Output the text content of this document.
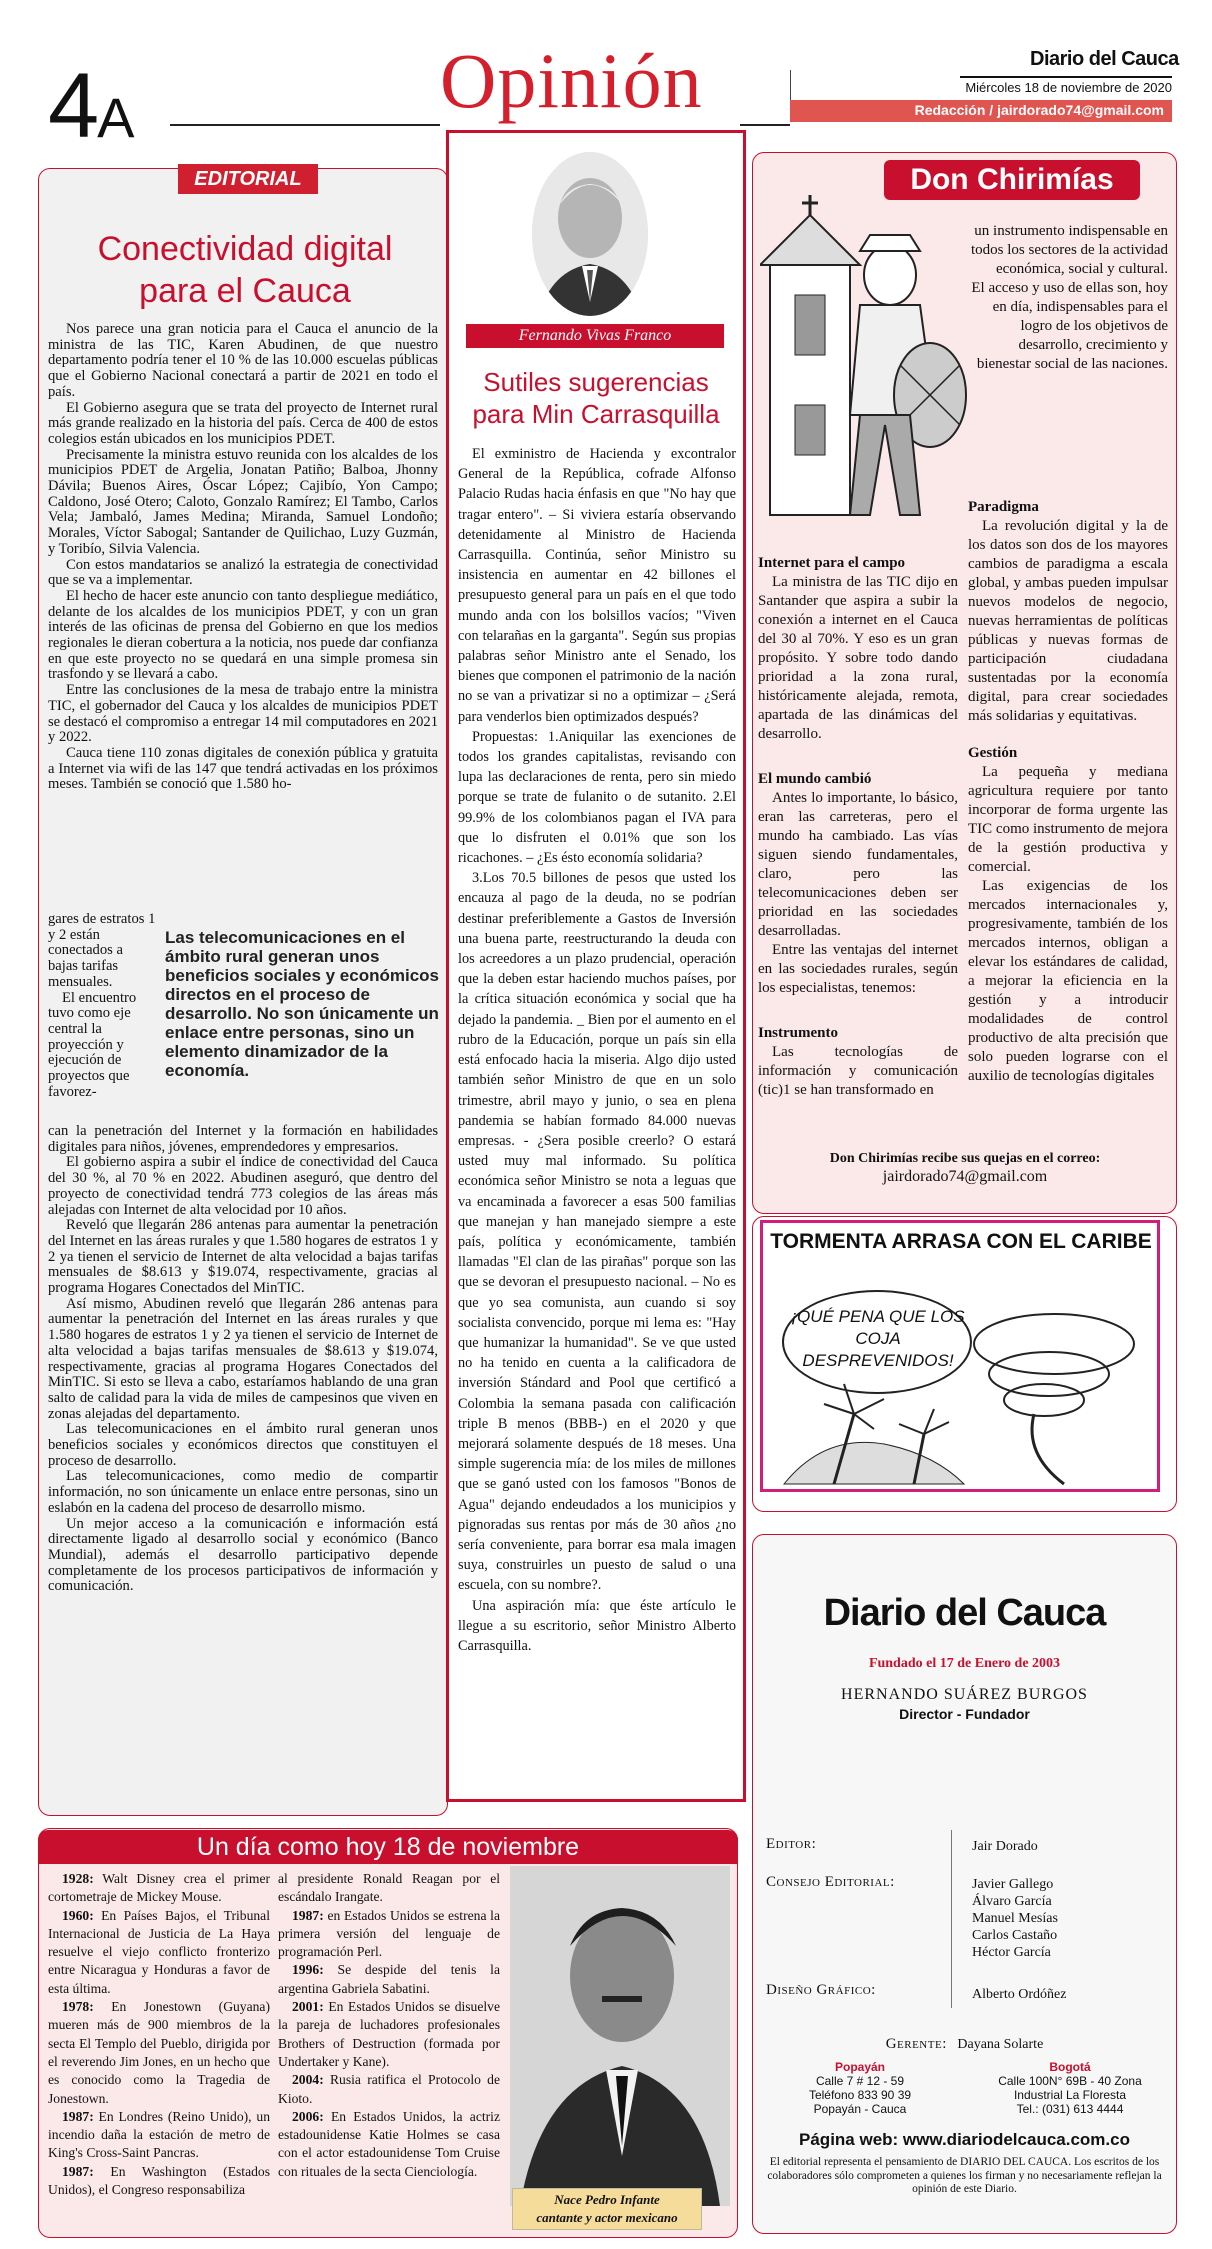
4A	Opinión	Diario del Cauca
Miércoles 18 de noviembre de 2020
Redacción / jairdorado74@gmail.com
EDITORIAL
Conectividad digital para el Cauca

Nos parece una gran noticia para el Cauca el anuncio de la ministra de las TIC, Karen Abudinen, de que nuestro departamento podría tener el 10 % de las 10.000 escuelas públicas que el Gobierno Nacional conectará a partir de 2021 en todo el país.

El Gobierno asegura que se trata del proyecto de Internet rural más grande realizado en la historia del país. Cerca de 400 de estos colegios están ubicados en los municipios PDET.

Precisamente la ministra estuvo reunida con los alcaldes de los municipios PDET de Argelia, Jonatan Patiño; Balboa, Jhonny Dávila; Buenos Aires, Óscar López; Cajibío, Yon Campo; Caldono, José Otero; Caloto, Gonzalo Ramírez; El Tambo, Carlos Vela; Jambaló, James Medina; Miranda, Samuel Londoño; Morales, Víctor Sabogal; Santander de Quilichao, Luzy Guzmán, y Toribío, Silvia Valencia.

Con estos mandatarios se analizó la estrategia de conectividad que se va a implementar.

El hecho de hacer este anuncio con tanto despliegue mediático, delante de los alcaldes de los municipios PDET, y con un gran interés de las oficinas de prensa del Gobierno en que los medios regionales le dieran cobertura a la noticia, nos puede dar confianza en que este proyecto no se quedará en una simple promesa sin trasfondo y se llevará a cabo.

Entre las conclusiones de la mesa de trabajo entre la ministra TIC, el gobernador del Cauca y los alcaldes de municipios PDET se destacó el compromiso a entregar 14 mil computadores en 2021 y 2022.

Cauca tiene 110 zonas digitales de conexión pública y gratuita a Internet via wifi de las 147 que tendrá activadas en los próximos meses. También se conoció que 1.580 ho-

gares de estratos 1 y 2 están conectados a bajas tarifas mensuales.

El encuentro tuvo como eje central la proyección y ejecución de proyectos que favorez-

Las telecomunicaciones en el ámbito rural generan unos beneficios sociales y económicos directos en el proceso de desarrollo. No son únicamente un enlace entre personas, sino un elemento dinamizador de la economía.

can la penetración del Internet y la formación en habilidades digitales para niños, jóvenes, emprendedores y empresarios.

El gobierno aspira a subir el índice de conectividad del Cauca del 30 %, al 70 % en 2022. Abudinen aseguró, que dentro del proyecto de conectividad tendrá 773 colegios de las áreas más alejadas con Internet de alta velocidad por 10 años.

Reveló que llegarán 286 antenas para aumentar la penetración del Internet en las áreas rurales y que 1.580 hogares de estratos 1 y 2 ya tienen el servicio de Internet de alta velocidad a bajas tarifas mensuales de $8.613 y $19.074, respectivamente, gracias al programa Hogares Conectados del MinTIC.

Así mismo, Abudinen reveló que llegarán 286 antenas para aumentar la penetración del Internet en las áreas rurales y que 1.580 hogares de estratos 1 y 2 ya tienen el servicio de Internet de alta velocidad a bajas tarifas mensuales de $8.613 y $19.074, respectivamente, gracias al programa Hogares Conectados del MinTIC. Si esto se lleva a cabo, estaríamos hablando de una gran salto de calidad para la vida de miles de campesinos que viven en zonas alejadas del departamento.

Las telecomunicaciones en el ámbito rural generan unos beneficios sociales y económicos directos que constituyen el proceso de desarrollo.

Las telecomunicaciones, como medio de compartir información, no son únicamente un enlace entre personas, sino un eslabón en la cadena del proceso de desarrollo mismo.

Un mejor acceso a la comunicación e información está directamente ligado al desarrollo social y económico (Banco Mundial), además el desarrollo participativo depende completamente de los procesos participativos de información y comunicación.

Fernando Vivas Franco
Sutiles sugerencias para Min Carrasquilla

El exministro de Hacienda y excontralor General de la República, cofrade Alfonso Palacio Rudas hacia énfasis en que "No hay que tragar entero". – Si viviera estaría observando detenidamente al Ministro de Hacienda Carrasquilla. Continúa, señor Ministro su insistencia en aumentar en 42 billones el presupuesto general para un país en el que todo mundo anda con los bolsillos vacíos; "Viven con telarañas en la garganta". Según sus propias palabras señor Ministro ante el Senado, los bienes que componen el patrimonio de la nación no se van a privatizar si no a optimizar – ¿Será para venderlos bien optimizados después?

Propuestas: 1.Aniquilar las exenciones de todos los grandes capitalistas, revisando con lupa las declaraciones de renta, pero sin miedo porque se trate de fulanito o de sutanito. 2.El 99.9% de los colombianos pagan el IVA para que lo disfruten el 0.01% que son los ricachones. – ¿Es ésto economía solidaria?

3.Los 70.5 billones de pesos que usted los encauza al pago de la deuda, no se podrían destinar preferiblemente a Gastos de Inversión una buena parte, reestructurando la deuda con los acreedores a un plazo prudencial, operación que la deben estar haciendo muchos países, por la crítica situación económica y social que ha dejado la pandemia. _ Bien por el aumento en el rubro de la Educación, porque un país sin ella está enfocado hacia la miseria. Algo dijo usted también señor Ministro de que en un solo trimestre, abril mayo y junio, o sea en plena pandemia se habían formado 84.000 nuevas empresas. - ¿Sera posible creerlo? O estará usted muy mal informado. Su política económica señor Ministro se nota a leguas que va encaminada a favorecer a esas 500 familias que manejan y han manejado siempre a este país, política y económicamente, también llamadas "El clan de las pirañas" porque son las que se devoran el presupuesto nacional. – No es que yo sea comunista, aun cuando si soy socialista convencido, porque mi lema es: "Hay que humanizar la humanidad". Se ve que usted no ha tenido en cuenta a la calificadora de inversión Stándard and Pool que certificó a Colombia la semana pasada con calificación triple B menos (BBB-) en el 2020 y que mejorará solamente después de 18 meses. Una simple sugerencia mía: de los miles de millones que se ganó usted con los famosos "Bonos de Agua" dejando endeudados a los municipios y pignoradas sus rentas por más de 30 años ¿no sería conveniente, para borrar esa mala imagen suya, construirles un puesto de salud o una escuela, con su nombre?.

Una aspiración mía: que éste artículo le llegue a su escritorio, señor Ministro Alberto Carrasquilla.

Don Chirimías

un instrumento indispensable en todos los sectores de la actividad económica, social y cultural.

El acceso y uso de ellas son, hoy en día, indispensables para el logro de los objetivos de desarrollo, crecimiento y bienestar social de las naciones.

Internet para el campo

La ministra de las TIC dijo en Santander que aspira a subir la conexión a internet en el Cauca del 30 al 70%. Y eso es un gran propósito. Y sobre todo dando prioridad a la zona rural, históricamente alejada, remota, apartada de las dinámicas del desarrollo.

El mundo cambió

Antes lo importante, lo básico, eran las carreteras, pero el mundo ha cambiado. Las vías siguen siendo fundamentales, claro, pero las telecomunicaciones deben ser prioridad en las sociedades desarrolladas.

Entre las ventajas del internet en las sociedades rurales, según los especialistas, tenemos:

Instrumento

Las tecnologías de información y comunicación (tic)1 se han transformado en

Paradigma

La revolución digital y la de los datos son dos de los mayores cambios de paradigma a escala global, y ambas pueden impulsar nuevos modelos de negocio, nuevas herramientas de políticas públicas y nuevas formas de participación ciudadana sustentadas por la economía digital, para crear sociedades más solidarias y equitativas.

Gestión

La pequeña y mediana agricultura requiere por tanto incorporar de forma urgente las TIC como instrumento de mejora de la gestión productiva y comercial.

Las exigencias de los mercados internacionales y, progresivamente, también de los mercados internos, obligan a elevar los estándares de calidad, a mejorar la eficiencia en la gestión y a introducir modalidades de control productivo de alta precisión que solo pueden lograrse con el auxilio de tecnologías digitales

Don Chirimías recibe sus quejas en el correo:

jairdorado74@gmail.com

TORMENTA ARRASA CON EL CARIBE
¡QUÉ PENA QUE LOS COJA DESPREVENIDOS!
Diario del Cauca
Fundado el 17 de Enero de 2003
HERNANDO SUÁREZ BURGOS
Director - Fundador
Editor:	Jair Dorado
Consejo Editorial:	Javier Gallego
Álvaro García
Manuel Mesías
Carlos Castaño
Héctor García
Diseño Gráfico:	Alberto Ordóñez
Gerente: Dayana Solarte
Popayán
Calle 7 # 12 - 59
Teléfono 833 90 39
Popayán - Cauca
Bogotá
Calle 100N° 69B - 40 Zona
Industrial La Floresta
Tel.: (031) 613 4444
Página web: www.diariodelcauca.com.co
El editorial representa el pensamiento de DIARIO DEL CAUCA. Los escritos de los colaboradores sólo comprometen a quienes los firman y no necesariamente reflejan la opinión de este Diario.
Un día como hoy 18 de noviembre

1928: Walt Disney crea el primer cortometraje de Mickey Mouse.

1960: En Países Bajos, el Tribunal Internacional de Justicia de La Haya resuelve el viejo conflicto fronterizo entre Nicaragua y Honduras a favor de esta última.

1978: En Jonestown (Guyana) mueren más de 900 miembros de la secta El Templo del Pueblo, dirigida por el reverendo Jim Jones, en un hecho que es conocido como la Tragedia de Jonestown.

1987: En Londres (Reino Unido), un incendio daña la estación de metro de King's Cross-Saint Pancras.

1987: En Washington (Estados Unidos), el Congreso responsabiliza

al presidente Ronald Reagan por el escándalo Irangate.

1987: en Estados Unidos se estrena la primera versión del lenguaje de programación Perl.

1996: Se despide del tenis la argentina Gabriela Sabatini.

2001: En Estados Unidos se disuelve la pareja de luchadores profesionales Brothers of Destruction (formada por Undertaker y Kane).

2004: Rusia ratifica el Protocolo de Kioto.

2006: En Estados Unidos, la actriz estadounidense Katie Holmes se casa con el actor estadounidense Tom Cruise con rituales de la secta Cienciología.

Nace Pedro Infante
cantante y actor mexicano
